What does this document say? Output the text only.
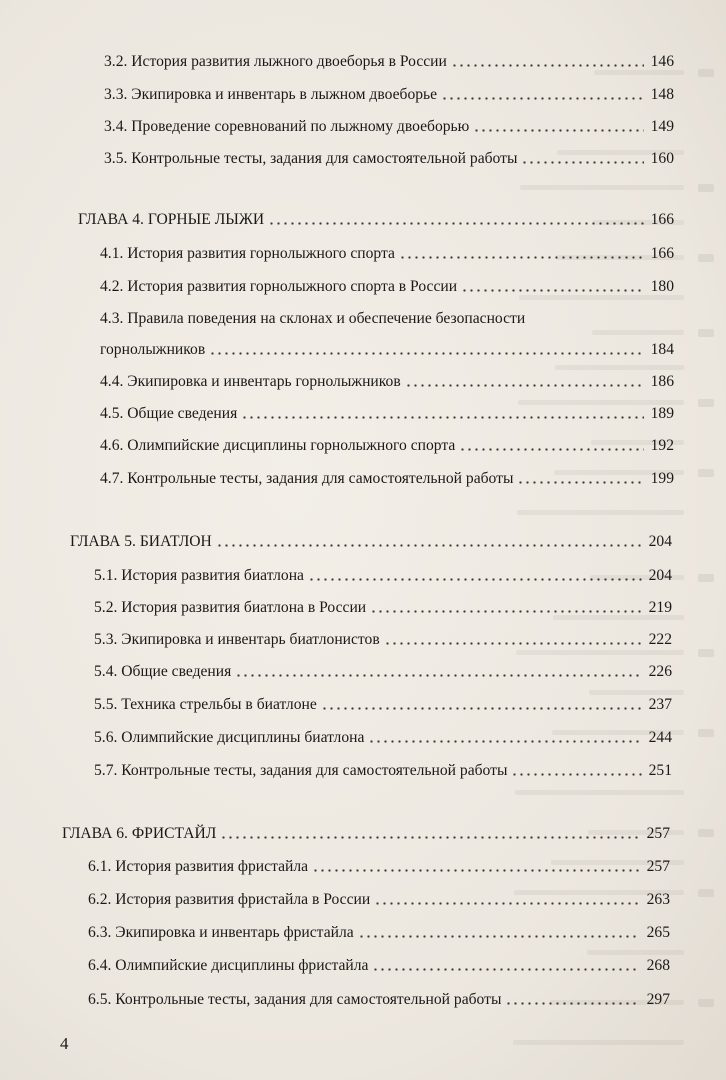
3.2. История развития лыжного двоеборья в России	146
3.3. Экипировка и инвентарь в лыжном двоеборье	148
3.4. Проведение соревнований по лыжному двоеборью	149
3.5. Контрольные тесты, задания для самостоятельной работы	160
ГЛАВА 4. ГОРНЫЕ ЛЫЖИ	166
4.1. История развития горнолыжного спорта	166
4.2. История развития горнолыжного спорта в России	180
4.3. Правила поведения на склонах и обеспечение безопасности
горнолыжников	184
4.4. Экипировка и инвентарь горнолыжников	186
4.5. Общие сведения	189
4.6. Олимпийские дисциплины горнолыжного спорта	192
4.7. Контрольные тесты, задания для самостоятельной работы	199
ГЛАВА 5. БИАТЛОН	204
5.1. История развития биатлона	204
5.2. История развития биатлона в России	219
5.3. Экипировка и инвентарь биатлонистов	222
5.4. Общие сведения	226
5.5. Техника стрельбы в биатлоне	237
5.6. Олимпийские дисциплины биатлона	244
5.7. Контрольные тесты, задания для самостоятельной работы	251
ГЛАВА 6. ФРИСТАЙЛ	257
6.1. История развития фристайла	257
6.2. История развития фристайла в России	263
6.3. Экипировка и инвентарь фристайла	265
6.4. Олимпийские дисциплины фристайла	268
6.5. Контрольные тесты, задания для самостоятельной работы	297
4
